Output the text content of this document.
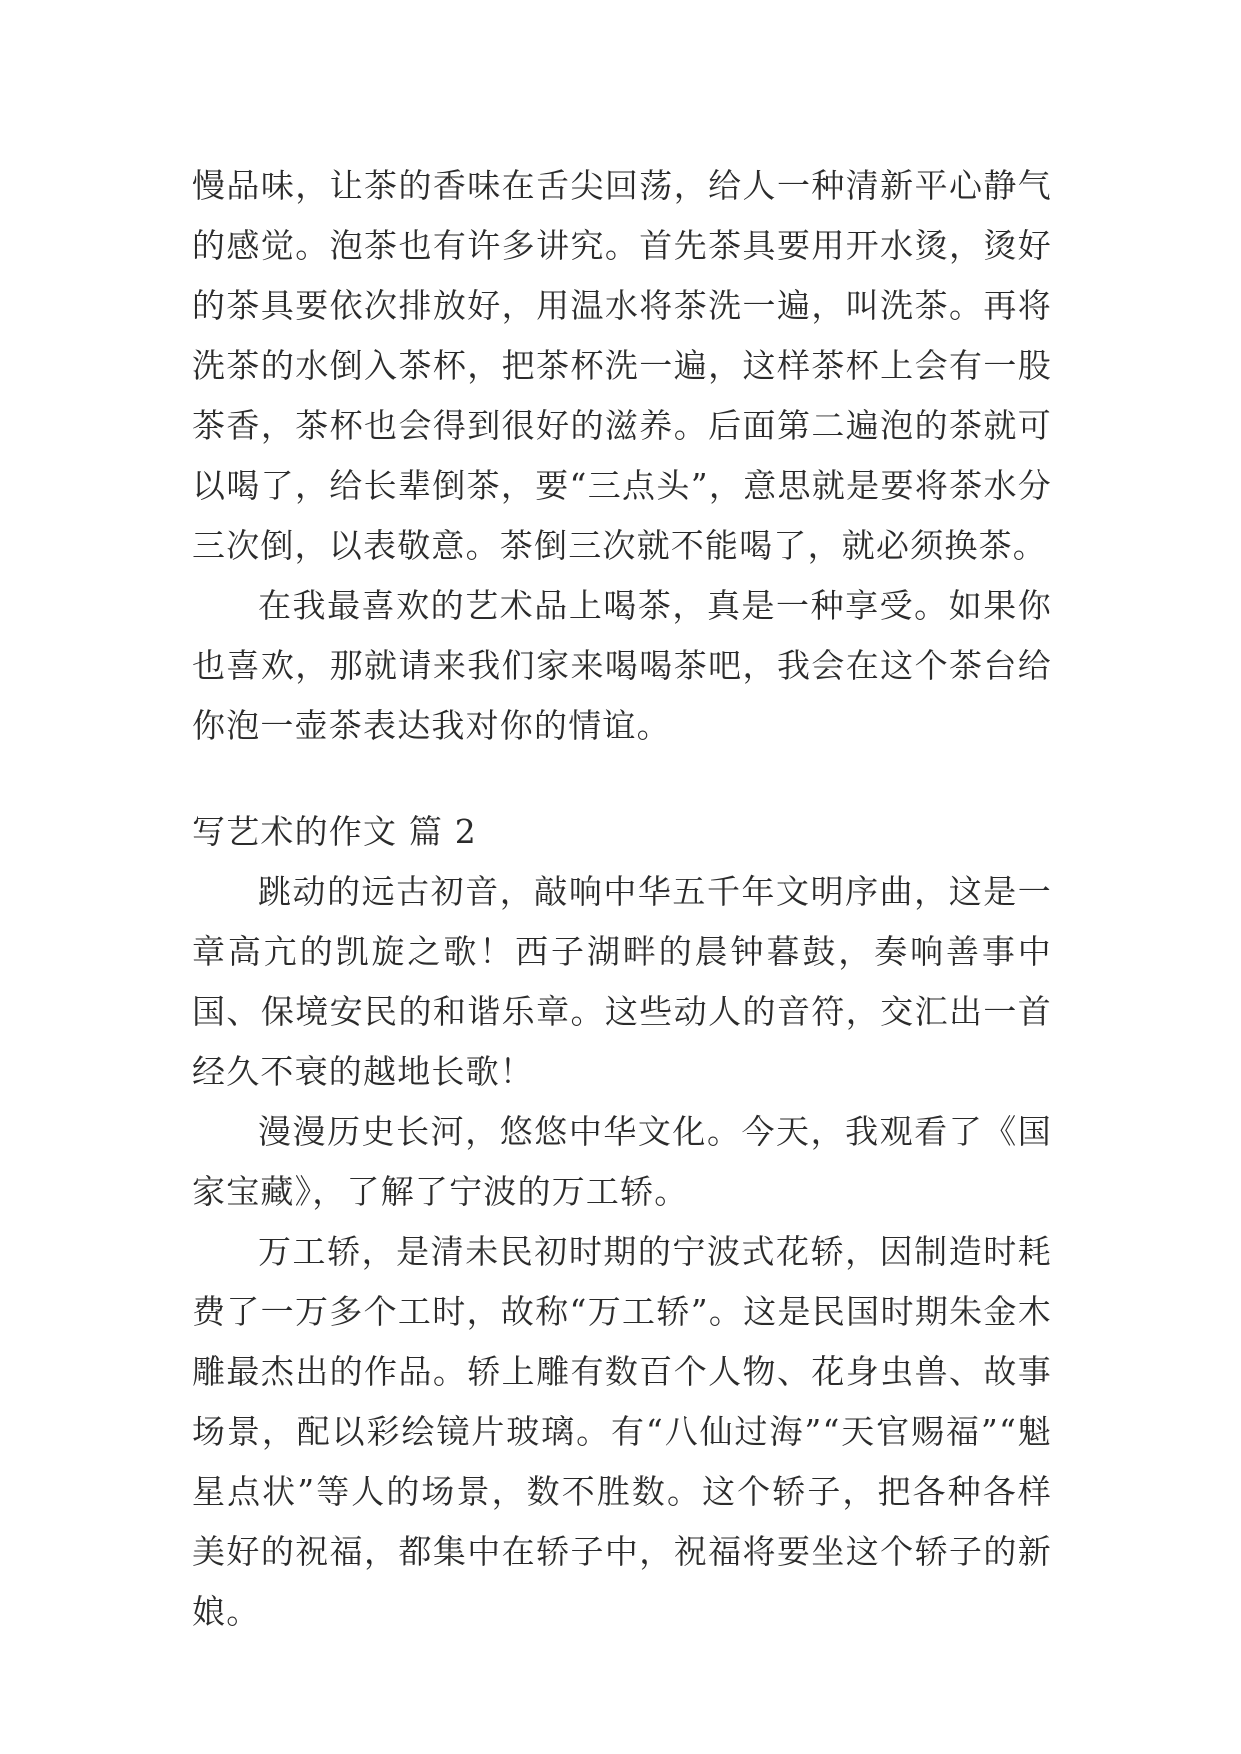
慢品味，让茶的香味在舌尖回荡，给人一种清新平心静气的感觉。泡茶也有许多讲究。首先茶具要用开水烫，烫好的茶具要依次排放好，用温水将茶洗一遍，叫洗茶。再将洗茶的水倒入茶杯，把茶杯洗一遍，这样茶杯上会有一股茶香，茶杯也会得到很好的滋养。后面第二遍泡的茶就可以喝了，给长辈倒茶，要“三点头”，意思就是要将茶水分三次倒，以表敬意。茶倒三次就不能喝了，就必须换茶。

在我最喜欢的艺术品上喝茶，真是一种享受。如果你也喜欢，那就请来我们家来喝喝茶吧，我会在这个茶台给你泡一壶茶表达我对你的情谊。

写艺术的作文 篇 2

跳动的远古初音，敲响中华五千年文明序曲，这是一章高亢的凯旋之歌！西子湖畔的晨钟暮鼓，奏响善事中国、保境安民的和谐乐章。这些动人的音符，交汇出一首经久不衰的越地长歌！

漫漫历史长河，悠悠中华文化。今天，我观看了《国家宝藏》，了解了宁波的万工轿。

万工轿，是清未民初时期的宁波式花轿，因制造时耗费了一万多个工时，故称“万工轿”。这是民国时期朱金木雕最杰出的作品。轿上雕有数百个人物、花身虫兽、故事场景，配以彩绘镜片玻璃。有“八仙过海”“天官赐福”“魁星点状”等人的场景，数不胜数。这个轿子，把各种各样美好的祝福，都集中在轿子中，祝福将要坐这个轿子的新娘。
